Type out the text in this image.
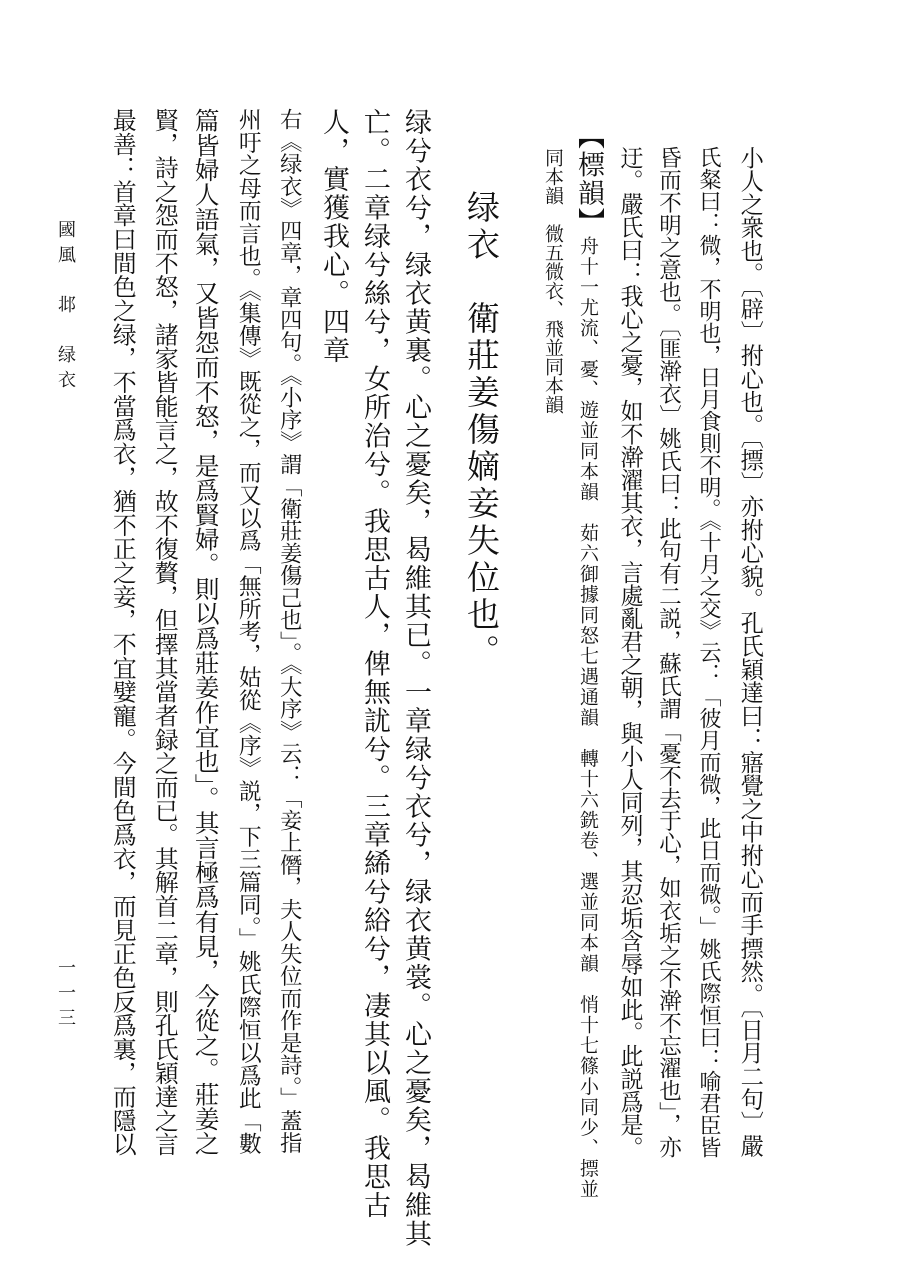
小人之衆也。〔辟〕拊心也。〔摽〕亦拊心貌。孔氏穎達曰：寤覺之中拊心而手摽然。〔日月二句〕嚴
氏粲曰：微，不明也，日月食則不明。《十月之交》云：「彼月而微，此日而微。」姚氏際恒曰：喻君臣皆
昏而不明之意也。〔匪澣衣〕姚氏曰：此句有二説，蘇氏謂「憂不去于心，如衣垢之不澣不忘濯也」，亦
迂。嚴氏曰：我心之憂，如不澣濯其衣，言處亂君之朝，與小人同列，其忍垢含辱如此。此説爲是。
【標韻】舟十一尤流、憂、遊並同本韻　茹六御據同怒七遇通韻　轉十六銑卷、選並同本韻　悄十七篠小同少、摽並
同本韻　微五微衣、飛並同本韻
绿衣　衛莊姜傷嫡妾失位也。
绿兮衣兮，绿衣黄裏。心之憂矣，曷維其已。一章绿兮衣兮，绿衣黄裳。心之憂矣，曷維其
亡。二章绿兮絲兮，女所治兮。我思古人，俾無訧兮。三章絺兮綌兮，凄其以風。我思古
人，實獲我心。四章
右《绿衣》四章，章四句。《小序》謂「衛莊姜傷己也」。《大序》云：「妾上僭，夫人失位而作是詩。」蓋指
州吁之母而言也。《集傳》既從之，而又以爲「無所考，姑從《序》説，下三篇同。」姚氏際恒以爲此「數
篇皆婦人語氣，又皆怨而不怒，是爲賢婦。則以爲莊姜作宜也」。其言極爲有見，今從之。莊姜之
賢，詩之怨而不怒，諸家皆能言之，故不復贅，但擇其當者録之而已。其解首二章，則孔氏穎達之言
最善：首章曰間色之绿，不當爲衣，猶不正之妾，不宜嬖寵。今間色爲衣，而見正色反爲裏，而隱以
國風　邶　绿衣
一一三
